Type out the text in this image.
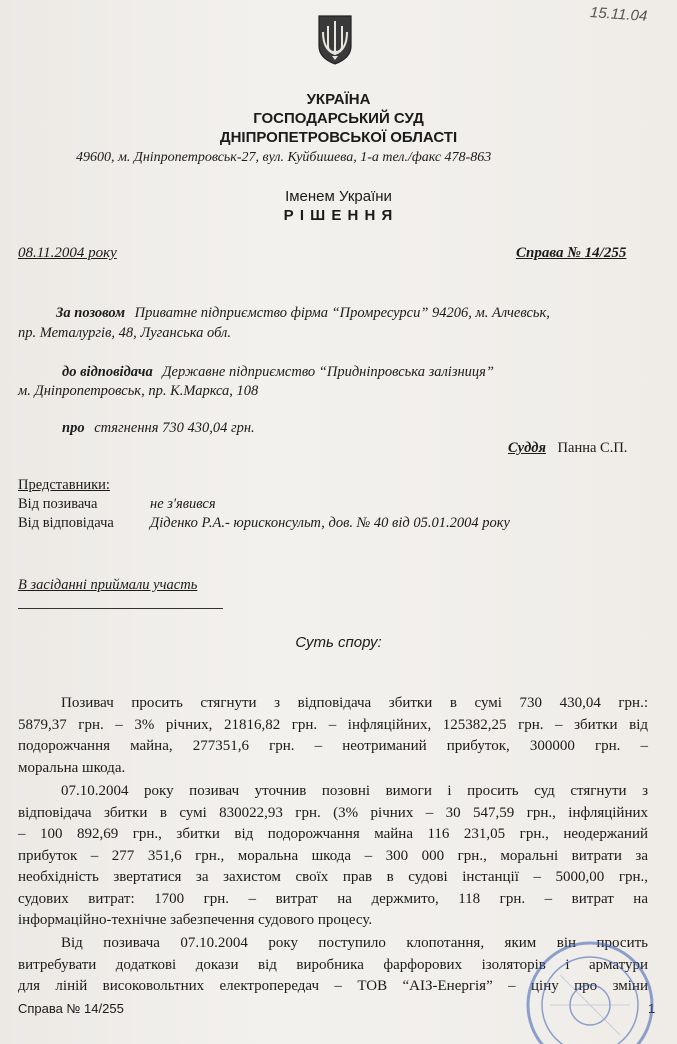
15.11.04
УКРАЇНА
ГОСПОДАРСЬКИЙ СУД
ДНІПРОПЕТРОВСЬКОЇ ОБЛАСТІ
49600, м. Дніпропетровськ-27, вул. Куйбишева, 1-а тел./факс 478-863
Іменем України
Р І Ш Е Н Н Я
08.11.2004 року	Справа № 14/255
За позовом Приватне підприємство фірма “Промресурси” 94206, м. Алчевськ,
пр. Металургів, 48, Луганська обл.
до відповідача Державне підприємство “Придніпровська залізниця”
м. Дніпропетровськ, пр. К.Маркса, 108
про стягнення 730 430,04 грн.
Суддя Панна С.П.
Представники:
Від позивача	не з'явився
Від відповідача Діденко Р.А.- юрисконсульт, дов. № 40 від 05.01.2004 року
В засіданні приймали участь
Суть спору:
Позивач просить стягнути з відповідача збитки в сумі 730 430,04 грн.:
5879,37 грн. – 3% річних, 21816,82 грн. – інфляційних, 125382,25 грн. – збитки від
подорожчання майна, 277351,6 грн. – неотриманий прибуток, 300000 грн. –
моральна шкода.
07.10.2004 року позивач уточнив позовні вимоги і просить суд стягнути з
відповідача збитки в сумі 830022,93 грн. (3% річних – 30 547,59 грн., інфляційних
– 100 892,69 грн., збитки від подорожчання майна 116 231,05 грн., неодержаний
прибуток – 277 351,6 грн., моральна шкода – 300 000 грн., моральні витрати за
необхідність звертатися за захистом своїх прав в судові інстанції – 5000,00 грн.,
судових витрат: 1700 грн. – витрат на держмито, 118 грн. – витрат на
інформаційно-технічне забезпечення судового процесу.
Від позивача 07.10.2004 року поступило клопотання, яким він просить
витребувати додаткові докази від виробника фарфорових ізоляторів і арматури
для ліній високовольтних електропередач – ТОВ “АІЗ-Енергія” – ціну про зміни
Справа № 14/255	1
